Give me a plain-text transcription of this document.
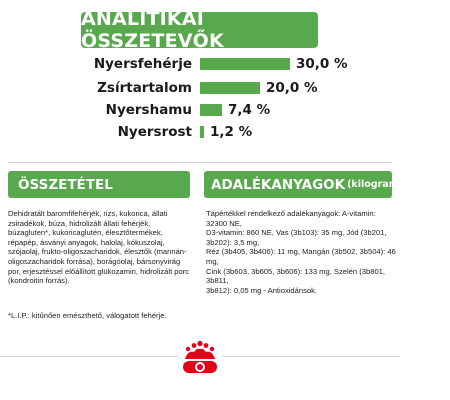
ANALITIKAI ÖSSZETEVŐK
Nyersfehérje	30,0 %
Zsírtartalom	20,0 %
Nyershamu	7,4 %
Nyersrost 1,2 %
ÖSSZETÉTEL
Dehidratált baromfifehérjék, rizs, kukorica, állati zsiradékok, búza, hidrolizált állati fehérjék, búzagluten*, kukoricaglutén, élesztőtermékek, répapép, ásványi anyagok, halolaj, kókuszolaj, szójaolaj, frukto-oligoszacharidok, élesztők (mannán-oligoszacharidok forrása), borágóolaj, bársonyvirág por, erjesztéssel előállított glükozamin, hidrolizált porc (kondroitin forrás).
ADALÉKANYAGOK (kilogrammonként)
Tápértékkel rendelkező adalékanyagok: A-vitamin: 32300 NE,
D3-vitamin: 860 NE, Vas (3b103): 35 mg, Jód (3b201, 3b202): 3,5 mg,
Réz (3b405, 3b406): 11 mg, Mangán (3b502, 3b504): 46 mg,
Cink (3b603, 3b605, 3b606): 133 mg, Szelén (3b801, 3b811,
3b812): 0,05 mg - Antioxidánsok.
*L.I.P.: kitűnően emészthető, válogatott fehérje.
